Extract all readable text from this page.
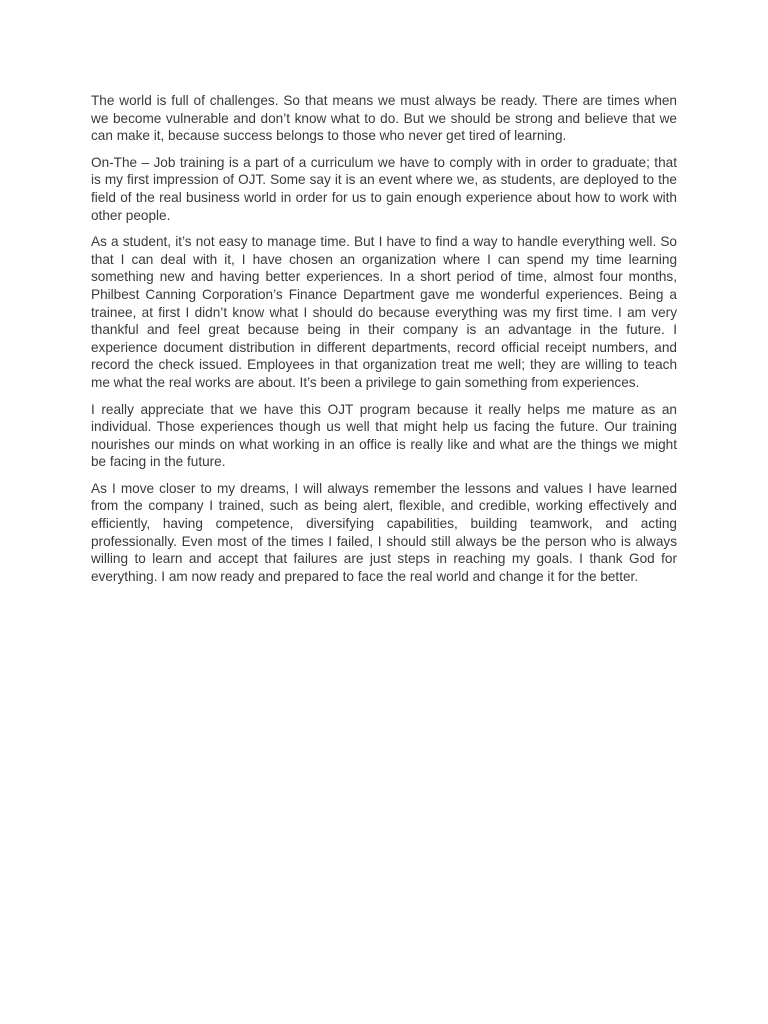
The world is full of challenges. So that means we must always be ready. There are times when we become vulnerable and don’t know what to do. But we should be strong and believe that we can make it, because success belongs to those who never get tired of learning.

On-The – Job training is a part of a curriculum we have to comply with in order to graduate; that is my first impression of OJT. Some say it is an event where we, as students, are deployed to the field of the real business world in order for us to gain enough experience about how to work with other people.

As a student, it’s not easy to manage time. But I have to find a way to handle everything well. So that I can deal with it, I have chosen an organization where I can spend my time learning something new and having better experiences. In a short period of time, almost four months, Philbest Canning Corporation’s Finance Department gave me wonderful experiences. Being a trainee, at first I didn’t know what I should do because everything was my first time. I am very thankful and feel great because being in their company is an advantage in the future. I experience document distribution in different departments, record official receipt numbers, and record the check issued. Employees in that organization treat me well; they are willing to teach me what the real works are about. It’s been a privilege to gain something from experiences.

I really appreciate that we have this OJT program because it really helps me mature as an individual. Those experiences though us well that might help us facing the future. Our training nourishes our minds on what working in an office is really like and what are the things we might be facing in the future.

As I move closer to my dreams, I will always remember the lessons and values I have learned from the company I trained, such as being alert, flexible, and credible, working effectively and efficiently, having competence, diversifying capabilities, building teamwork, and acting professionally. Even most of the times I failed, I should still always be the person who is always willing to learn and accept that failures are just steps in reaching my goals. I thank God for everything. I am now ready and prepared to face the real world and change it for the better.
